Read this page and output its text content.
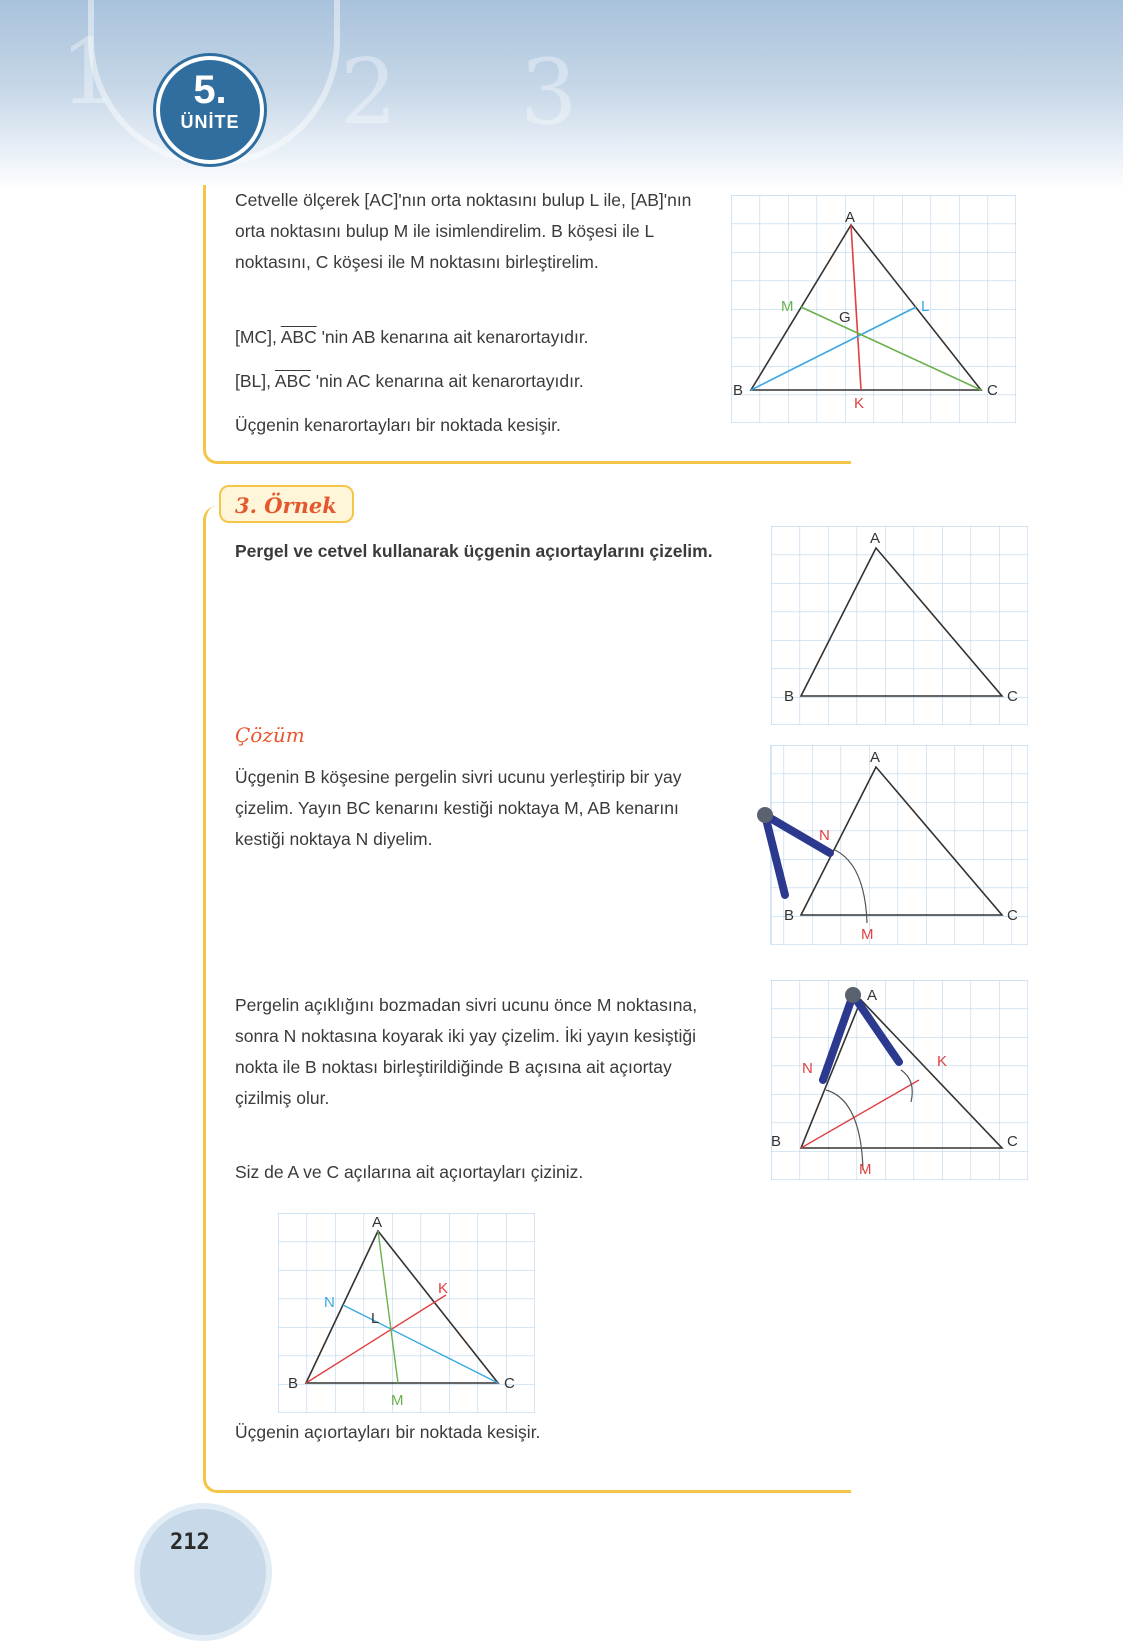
1 2 3
5.
ÜNİTE

Cetvelle ölçerek [AC]'nın orta noktasını bulup L ile, [AB]'nın orta noktasını bulup M ile isimlendirelim. B köşesi ile L noktasını, C köşesi ile M noktasını birleştirelim.

[MC], $\overline{ABC}$ 'nin AB kenarına ait kenarortayıdır.

[BL], $\overline{ABC}$ 'nin AC kenarına ait kenarortayıdır.

Üçgenin kenarortayları bir noktada kesişir.

A
B	C
M	L
G
K
3. Örnek

Pergel ve cetvel kullanarak üçgenin açıortaylarını çizelim.

A
B	C
Çözüm

Üçgenin B köşesine pergelin sivri ucunu yerleştirip bir yay çizelim. Yayın BC kenarını kestiği noktaya M, AB kenarını kestiği noktaya N diyelim.

A
B	C
N
M

Pergelin açıklığını bozmadan sivri ucunu önce M noktasına, sonra N noktasına koyarak iki yay çizelim. İki yayın kesiştiği nokta ile B noktası birleştirildiğinde B açısına ait açıortay çizilmiş olur.

A
B	C
N
M
K

Siz de A ve C açılarına ait açıortayları çiziniz.

A
B	C
N
M
K
L

Üçgenin açıortayları bir noktada kesişir.

212
